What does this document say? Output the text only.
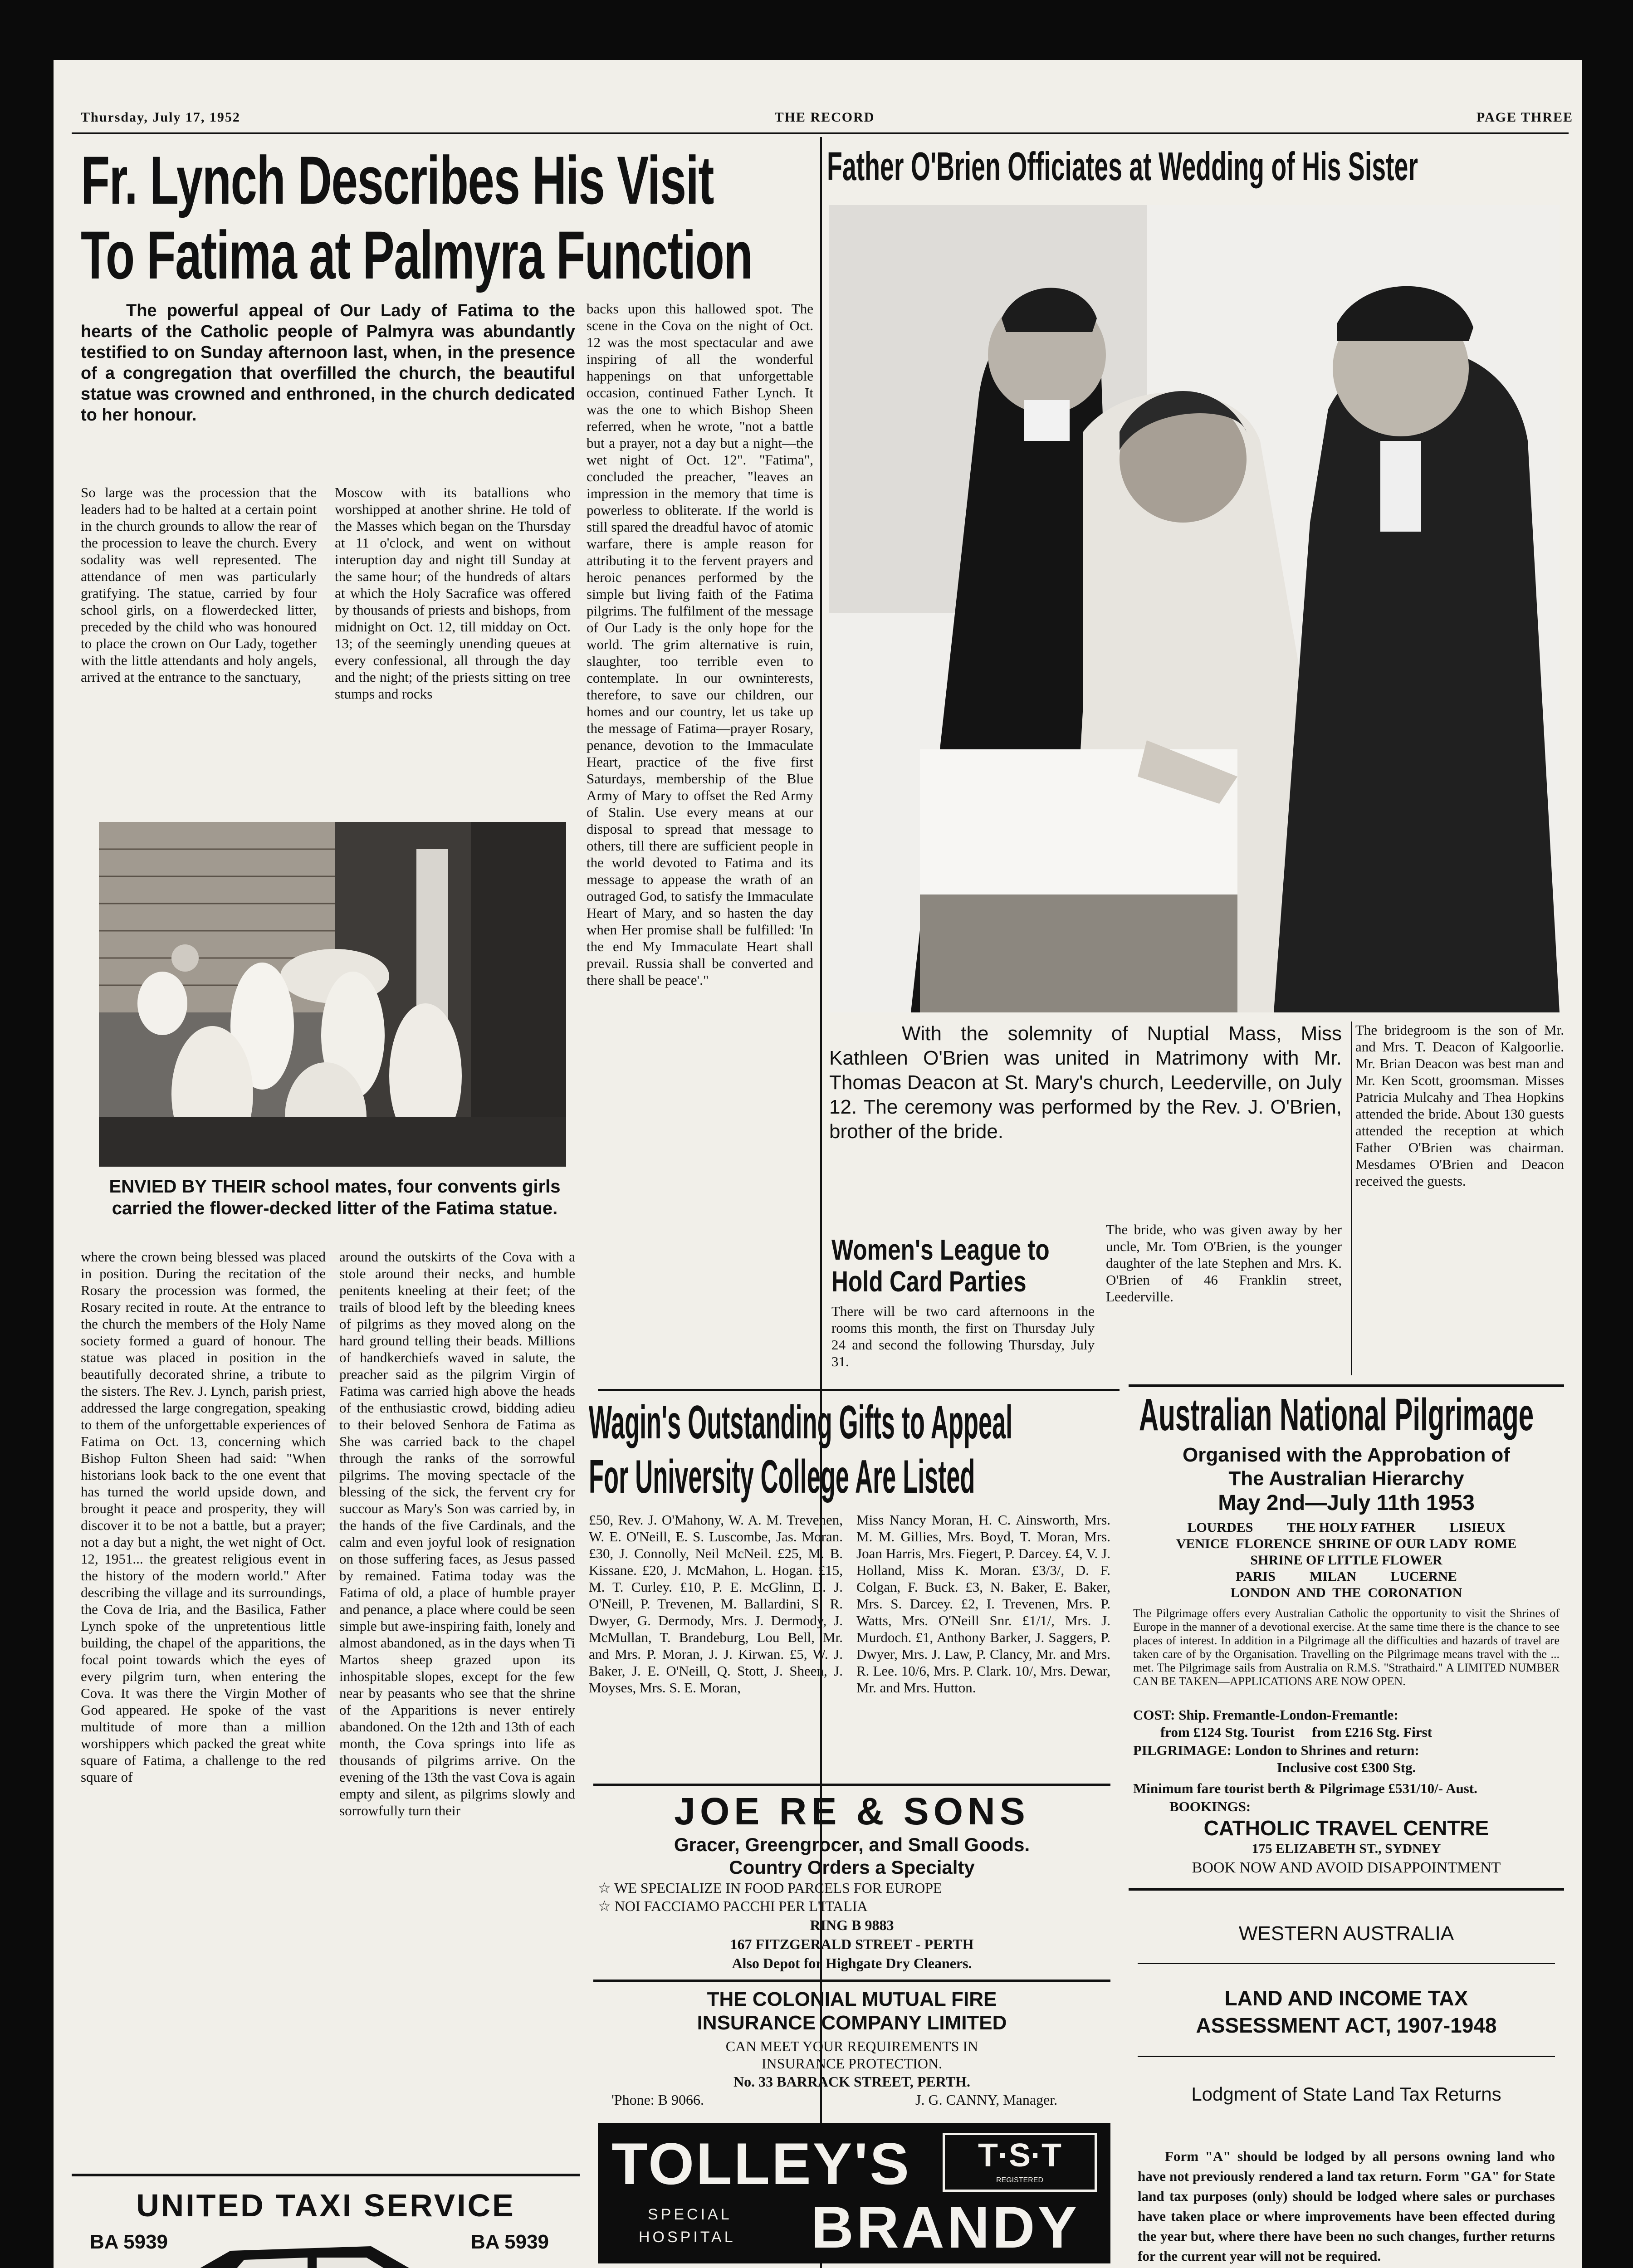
Thursday, July 17, 1952	THE RECORD	PAGE THREE
Fr. Lynch Describes His Visit
To Fatima at Palmyra Function
The powerful appeal of Our Lady of Fatima to the hearts of the Catholic people of Palmyra was abundantly testified to on Sunday afternoon last, when, in the presence of a congregation that overfilled the church, the beautiful statue was crowned and enthroned, in the church dedicated to her honour.
So large was the procession that the leaders had to be halted at a certain point in the church grounds to allow the rear of the procession to leave the church. Every sodality was well represented. The attendance of men was particularly gratifying. The statue, carried by four school girls, on a flowerdecked litter, preceded by the child who was honoured to place the crown on Our Lady, together with the little attendants and holy angels, arrived at the entrance to the sanctuary,
Moscow with its batallions who worshipped at another shrine. He told of the Masses which began on the Thursday at 11 o'clock, and went on without interuption day and night till Sunday at the same hour; of the hundreds of altars at which the Holy Sacrafice was offered by thousands of priests and bishops, from midnight on Oct. 12, till midday on Oct. 13; of the seemingly unending queues at every confessional, all through the day and the night; of the priests sitting on tree stumps and rocks
backs upon this hallowed spot. The scene in the Cova on the night of Oct. 12 was the most spectacular and awe inspiring of all the wonderful happenings on that unforgettable occasion, continued Father Lynch. It was the one to which Bishop Sheen referred, when he wrote, "not a battle but a prayer, not a day but a night—the wet night of Oct. 12". "Fatima", concluded the preacher, "leaves an impression in the memory that time is powerless to obliterate. If the world is still spared the dreadful havoc of atomic warfare, there is ample reason for attributing it to the fervent prayers and heroic penances performed by the simple but living faith of the Fatima pilgrims. The fulfilment of the message of Our Lady is the only hope for the world. The grim alternative is ruin, slaughter, too terrible even to contemplate. In our owninterests, therefore, to save our children, our homes and our country, let us take up the message of Fatima—prayer Rosary, penance, devotion to the Immaculate Heart, practice of the five first Saturdays, membership of the Blue Army of Mary to offset the Red Army of Stalin. Use every means at our disposal to spread that message to others, till there are sufficient people in the world devoted to Fatima and its message to appease the wrath of an outraged God, to satisfy the Immaculate Heart of Mary, and so hasten the day when Her promise shall be fulfilled: 'In the end My Immaculate Heart shall prevail. Russia shall be converted and there shall be peace'."
ENVIED BY THEIR school mates, four convents girls carried the flower-decked litter of the Fatima statue.
where the crown being blessed was placed in position. During the recitation of the Rosary the procession was formed, the Rosary recited in route. At the entrance to the church the members of the Holy Name society formed a guard of honour. The statue was placed in position in the beautifully decorated shrine, a tribute to the sisters. The Rev. J. Lynch, parish priest, addressed the large congregation, speaking to them of the unforgettable experiences of Fatima on Oct. 13, concerning which Bishop Fulton Sheen had said: "When historians look back to the one event that has turned the world upside down, and brought it peace and prosperity, they will discover it to be not a battle, but a prayer; not a day but a night, the wet night of Oct. 12, 1951... the greatest religious event in the history of the modern world." After describing the village and its surroundings, the Cova de Iria, and the Basilica, Father Lynch spoke of the unpretentious little building, the chapel of the apparitions, the focal point towards which the eyes of every pilgrim turn, when entering the Cova. It was there the Virgin Mother of God appeared. He spoke of the vast multitude of more than a million worshippers which packed the great white square of Fatima, a challenge to the red square of
around the outskirts of the Cova with a stole around their necks, and humble penitents kneeling at their feet; of the trails of blood left by the bleeding knees of pilgrims as they moved along on the hard ground telling their beads. Millions of handkerchiefs waved in salute, the preacher said as the pilgrim Virgin of Fatima was carried high above the heads of the enthusiastic crowd, bidding adieu to their beloved Senhora de Fatima as She was carried back to the chapel through the ranks of the sorrowful pilgrims. The moving spectacle of the blessing of the sick, the fervent cry for succour as Mary's Son was carried by, in the hands of the five Cardinals, and the calm and even joyful look of resignation on those suffering faces, as Jesus passed by remained. Fatima today was the Fatima of old, a place of humble prayer and penance, a place where could be seen simple but awe-inspiring faith, lonely and almost abandoned, as in the days when Ti Martos sheep grazed upon its inhospitable slopes, except for the few near by peasants who see that the shrine of the Apparitions is never entirely abandoned. On the 12th and 13th of each month, the Cova springs into life as thousands of pilgrims arrive. On the evening of the 13th the vast Cova is again empty and silent, as pilgrims slowly and sorrowfully turn their
Father O'Brien Officiates at Wedding of His Sister
With the solemnity of Nuptial Mass, Miss Kathleen O'Brien was united in Matrimony with Mr. Thomas Deacon at St. Mary's church, Leederville, on July 12. The ceremony was performed by the Rev. J. O'Brien, brother of the bride.
The bridegroom is the son of Mr. and Mrs. T. Deacon of Kalgoorlie. Mr. Brian Deacon was best man and Mr. Ken Scott, groomsman. Misses Patricia Mulcahy and Thea Hopkins attended the bride. About 130 guests attended the reception at which Father O'Brien was chairman. Mesdames O'Brien and Deacon received the guests.
The bride, who was given away by her uncle, Mr. Tom O'Brien, is the younger daughter of the late Stephen and Mrs. K. O'Brien of 46 Franklin street, Leederville.
Women's League to
Hold Card Parties
There will be two card afternoons in the rooms this month, the first on Thursday July 24 and second the following Thursday, July 31.
Wagin's Outstanding Gifts to Appeal
For University College Are Listed
£50, Rev. J. O'Mahony, W. A. M. Trevenen, W. E. O'Neill, E. S. Luscombe, Jas. Moran. £30, J. Connolly, Neil McNeil. £25, M. B. Kissane. £20, J. McMahon, L. Hogan. £15, M. T. Curley. £10, P. E. McGlinn, D. J. O'Neill, P. Trevenen, M. Ballardini, S. R. Dwyer, G. Dermody, Mrs. J. Dermody, J. McMullan, T. Brandeburg, Lou Bell, Mr. and Mrs. P. Moran, J. J. Kirwan. £5, W. J. Baker, J. E. O'Neill, Q. Stott, J. Sheen, J. Moyses, Mrs. S. E. Moran,
Miss Nancy Moran, H. C. Ainsworth, Mrs. M. M. Gillies, Mrs. Boyd, T. Moran, Mrs. Joan Harris, Mrs. Fiegert, P. Darcey. £4, V. J. Holland, Miss K. Moran. £3/3/, D. F. Colgan, F. Buck. £3, N. Baker, E. Baker, Mrs. S. Darcey. £2, I. Trevenen, Mrs. P. Watts, Mrs. O'Neill Snr. £1/1/, Mrs. J. Murdoch. £1, Anthony Barker, J. Saggers, P. Dwyer, Mrs. J. Law, P. Clancy, Mr. and Mrs. R. Lee. 10/6, Mrs. P. Clark. 10/, Mrs. Dewar, Mr. and Mrs. Hutton.
Australian National Pilgrimage
Organised with the Approbation of
The Australian Hierarchy
May 2nd—July 11th 1953
LOURDES          THE HOLY FATHER          LISIEUX
VENICE  FLORENCE  SHRINE OF OUR LADY  ROME
SHRINE OF LITTLE FLOWER
PARIS          MILAN          LUCERNE
LONDON  AND  THE  CORONATION
The Pilgrimage offers every Australian Catholic the opportunity to visit the Shrines of Europe in the manner of a devotional exercise. At the same time there is the chance to see places of interest. In addition in a Pilgrimage all the difficulties and hazards of travel are taken care of by the Organisation. Travelling on the Pilgrimage means travel with the ... met. The Pilgrimage sails from Australia on R.M.S. "Strathaird." A LIMITED NUMBER CAN BE TAKEN—APPLICATIONS ARE NOW OPEN.
COST: Ship. Fremantle-London-Fremantle:
from £124 Stg. Tourist     from £216 Stg. First
PILGRIMAGE: London to Shrines and return:
Inclusive cost £300 Stg.
Minimum fare tourist berth & Pilgrimage £531/10/- Aust.
BOOKINGS:
CATHOLIC TRAVEL CENTRE
175 ELIZABETH ST., SYDNEY
BOOK NOW AND AVOID DISAPPOINTMENT
WESTERN AUSTRALIA
LAND AND INCOME TAX
ASSESSMENT ACT, 1907-1948
Lodgment of State Land Tax Returns
Form "A" should be lodged by all persons owning land who have not previously rendered a land tax return. Form "GA" for State land tax purposes (only) should be lodged where sales or purchases have taken place or where improvements have been effected during the year but, where there have been no such changes, further returns for the current year will not be required.
JOE RE & SONS
Gracer, Greengrocer, and Small Goods.
Country Orders a Specialty
☆ WE SPECIALIZE IN FOOD PARCELS FOR EUROPE
☆ NOI FACCIAMO PACCHI PER L'ITALIA
RING B 9883
167 FITZGERALD STREET - PERTH
Also Depot for Highgate Dry Cleaners.
THE COLONIAL MUTUAL FIRE
INSURANCE COMPANY LIMITED
CAN MEET YOUR REQUIREMENTS IN
INSURANCE PROTECTION.
No. 33 BARRACK STREET, PERTH.
'Phone: B 9066.	J. G. CANNY, Manager.
TOLLEY'S	T·S·T
REGISTERED
SPECIAL
HOSPITAL BRANDY
UNITED TAXI SERVICE
BA 5939	BA 5939
